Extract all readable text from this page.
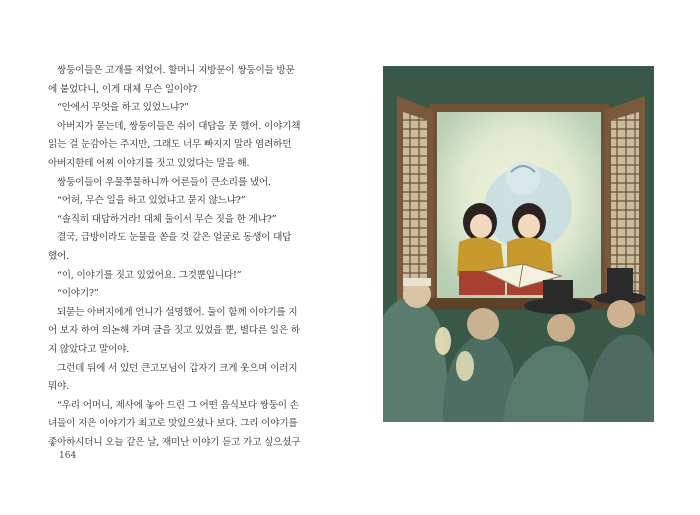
쌍둥이들은 고개를 저었어. 할머니 지방문이 쌍둥이들 방문

에 붙었다니, 이게 대체 무슨 일이야?

“안에서 무엇을 하고 있었느냐?”

아버지가 묻는데, 쌍둥이들은 쉬이 대답을 못 했어. 이야기책

읽는 걸 눈감아는 주지만, 그래도 너무 빠지지 말라 염려하던

아버지한테 어찌 이야기를 짓고 있었다는 말을 해.

쌍둥이들이 우물쭈물하니까 어른들이 큰소리를 냈어.

“어허, 무슨 일을 하고 있었냐고 묻지 않느냐?”

“솔직히 대답하거라! 대체 둘이서 무슨 짓을 한 게냐?”

결국, 급방이라도 눈물을 쏟을 것 같은 얼굴로 동생이 대답

했어.

“이, 이야기를 짓고 있었어요. 그것뿐입니다!”

“이야기?”

되묻는 아버지에게 언니가 설명했어. 둘이 함께 이야기를 지

어 보자 하여 의논해 가며 글을 짓고 있었을 뿐, 별다른 일은 하

지 않았다고 말이야.

그런데 뒤에 서 있던 큰고모님이 갑자기 크게 웃으며 이러지

뭐야.

“우리 어머니, 제사에 놓아 드린 그 어떤 음식보다 쌍둥이 손

녀들이 지은 이야기가 최고로 맛있으셨나 보다. 그리 이야기를

좋아하시더니 오늘 같은 날, 재미난 이야기 듣고 가고 싶으셨구

164
